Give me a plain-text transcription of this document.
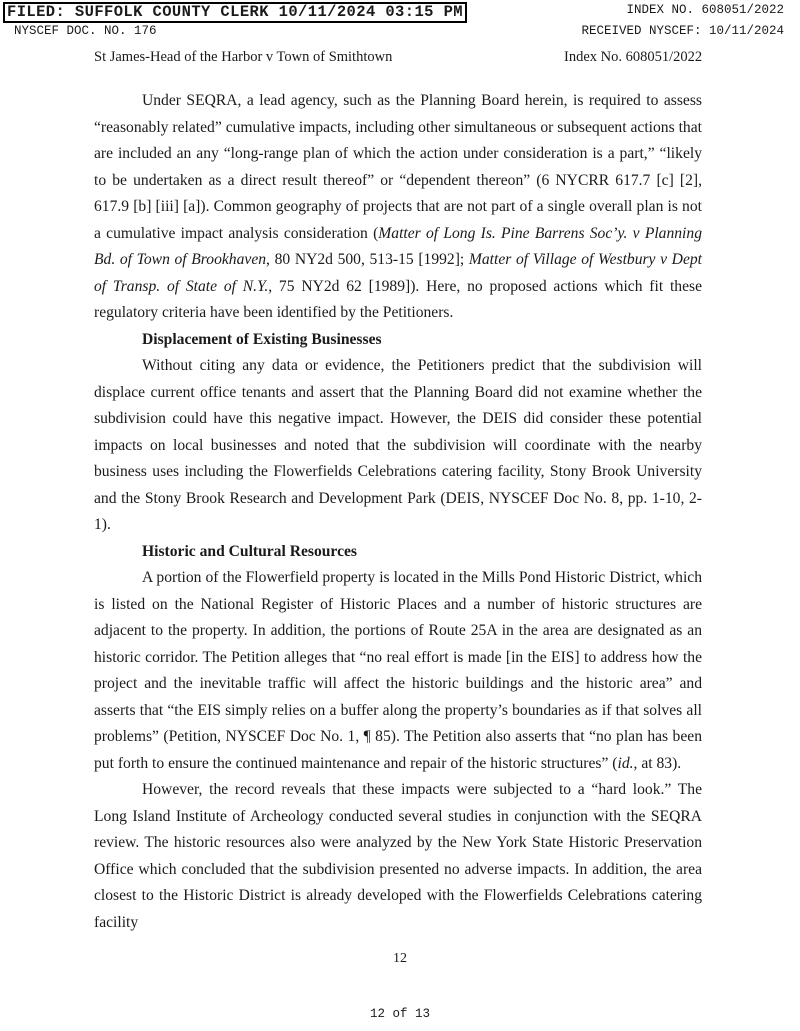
FILED: SUFFOLK COUNTY CLERK 10/11/2024 03:15 PM	INDEX NO. 608051/2022
NYSCEF DOC. NO. 176	RECEIVED NYSCEF: 10/11/2024
St James-Head of the Harbor v Town of Smithtown	Index No. 608051/2022

Under SEQRA, a lead agency, such as the Planning Board herein, is required to assess “reasonably related” cumulative impacts, including other simultaneous or subsequent actions that are included an any “long-range plan of which the action under consideration is a part,” “likely to be undertaken as a direct result thereof” or “dependent thereon” (6 NYCRR 617.7 [c] [2], 617.9 [b] [iii] [a]). Common geography of projects that are not part of a single overall plan is not a cumulative impact analysis consideration (Matter of Long Is. Pine Barrens Soc’y. v Planning Bd. of Town of Brookhaven, 80 NY2d 500, 513-15 [1992]; Matter of Village of Westbury v Dept of Transp. of State of N.Y., 75 NY2d 62 [1989]). Here, no proposed actions which fit these regulatory criteria have been identified by the Petitioners.

Displacement of Existing Businesses

Without citing any data or evidence, the Petitioners predict that the subdivision will displace current office tenants and assert that the Planning Board did not examine whether the subdivision could have this negative impact. However, the DEIS did consider these potential impacts on local businesses and noted that the subdivision will coordinate with the nearby business uses including the Flowerfields Celebrations catering facility, Stony Brook University and the Stony Brook Research and Development Park (DEIS, NYSCEF Doc No. 8, pp. 1-10, 2-1).

Historic and Cultural Resources

A portion of the Flowerfield property is located in the Mills Pond Historic District, which is listed on the National Register of Historic Places and a number of historic structures are adjacent to the property. In addition, the portions of Route 25A in the area are designated as an historic corridor. The Petition alleges that “no real effort is made [in the EIS] to address how the project and the inevitable traffic will affect the historic buildings and the historic area” and asserts that “the EIS simply relies on a buffer along the property’s boundaries as if that solves all problems” (Petition, NYSCEF Doc No. 1, ¶ 85). The Petition also asserts that “no plan has been put forth to ensure the continued maintenance and repair of the historic structures” (id., at 83).

However, the record reveals that these impacts were subjected to a “hard look.” The Long Island Institute of Archeology conducted several studies in conjunction with the SEQRA review. The historic resources also were analyzed by the New York State Historic Preservation Office which concluded that the subdivision presented no adverse impacts. In addition, the area closest to the Historic District is already developed with the Flowerfields Celebrations catering facility

12
12 of 13
